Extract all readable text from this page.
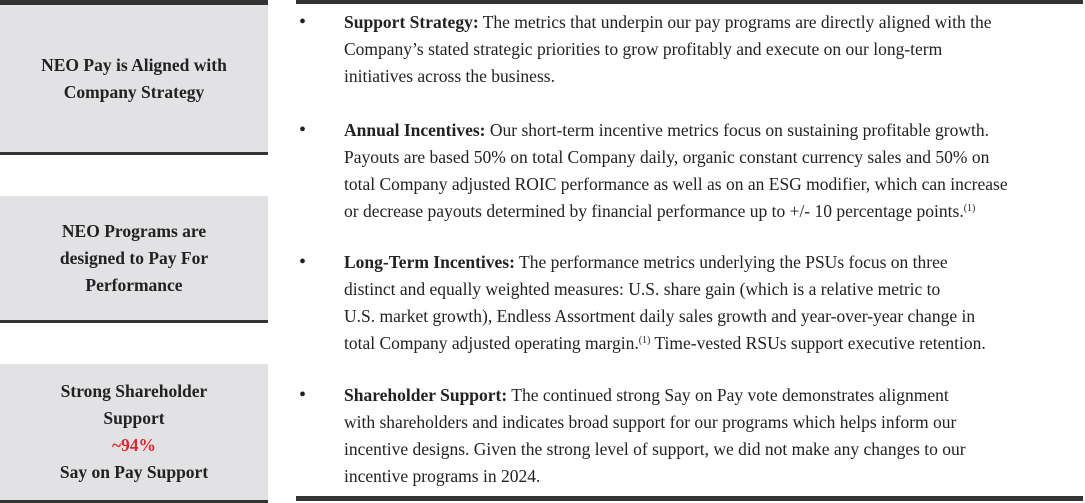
NEO Pay is Aligned with
Company Strategy
NEO Programs are
designed to Pay For
Performance
Strong Shareholder
Support
~94%
Say on Pay Support
• Support Strategy: The metrics that underpin our pay programs are directly aligned with the
Company’s stated strategic priorities to grow profitably and execute on our long-term
initiatives across the business.
• Annual Incentives: Our short-term incentive metrics focus on sustaining profitable growth.
Payouts are based 50% on total Company daily, organic constant currency sales and 50% on
total Company adjusted ROIC performance as well as on an ESG modifier, which can increase
or decrease payouts determined by financial performance up to +/- 10 percentage points.$^{(1)}$
• Long-Term Incentives: The performance metrics underlying the PSUs focus on three
distinct and equally weighted measures: U.S. share gain (which is a relative metric to
U.S. market growth), Endless Assortment daily sales growth and year-over-year change in
total Company adjusted operating margin.$^{(1)}$ Time-vested RSUs support executive retention.
• Shareholder Support: The continued strong Say on Pay vote demonstrates alignment
with shareholders and indicates broad support for our programs which helps inform our
incentive designs. Given the strong level of support, we did not make any changes to our
incentive programs in 2024.
